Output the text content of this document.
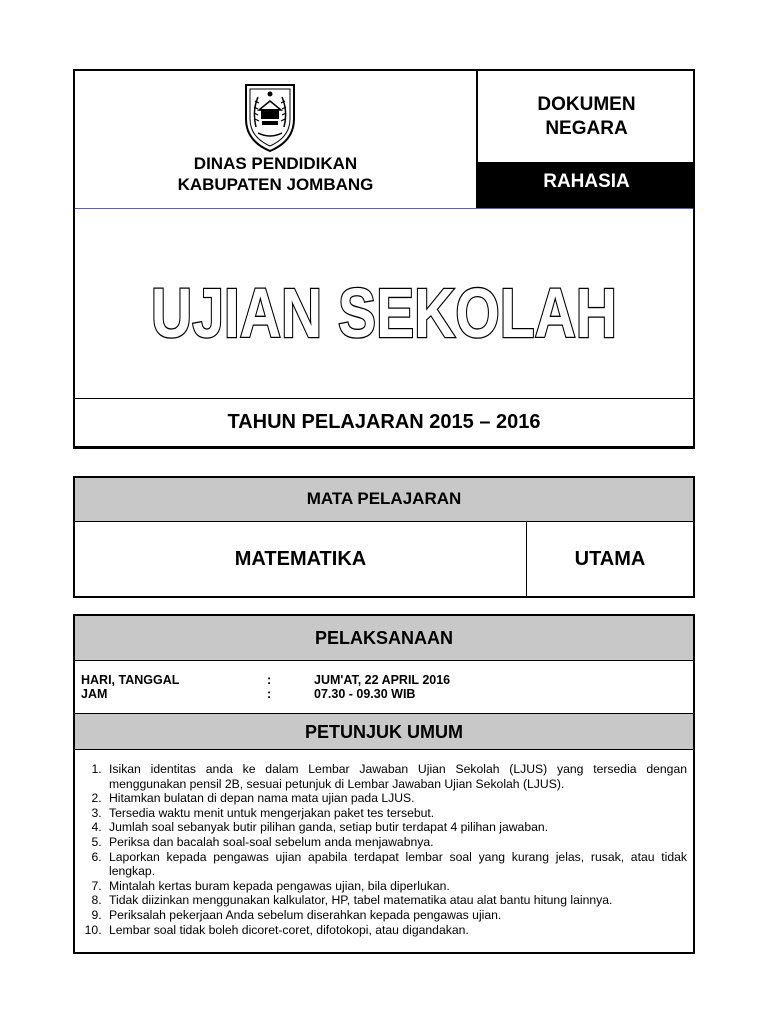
DINAS PENDIDIKAN
KABUPATEN JOMBANG
DOKUMEN
NEGARA
RAHASIA
UJIAN SEKOLAH
TAHUN PELAJARAN 2015 – 2016
MATA PELAJARAN
MATEMATIKA	UTAMA
PELAKSANAAN
HARI, TANGGAL	:	JUM'AT, 22 APRIL 2016
JAM	:	07.30 - 09.30 WIB
PETUNJUK UMUM
1. Isikan identitas anda ke dalam Lembar Jawaban Ujian Sekolah (LJUS) yang tersedia dengan menggunakan pensil 2B, sesuai petunjuk di Lembar Jawaban Ujian Sekolah (LJUS).
2. Hitamkan bulatan di depan nama mata ujian pada LJUS.
3. Tersedia waktu menit untuk mengerjakan paket tes tersebut.
4. Jumlah soal sebanyak butir pilihan ganda, setiap butir terdapat 4 pilihan jawaban.
5. Periksa dan bacalah soal-soal sebelum anda menjawabnya.
6. Laporkan kepada pengawas ujian apabila terdapat lembar soal yang kurang jelas, rusak, atau tidak lengkap.
7. Mintalah kertas buram kepada pengawas ujian, bila diperlukan.
8. Tidak diizinkan menggunakan kalkulator, HP, tabel matematika atau alat bantu hitung lainnya.
9. Periksalah pekerjaan Anda sebelum diserahkan kepada pengawas ujian.
10. Lembar soal tidak boleh dicoret-coret, difotokopi, atau digandakan.
